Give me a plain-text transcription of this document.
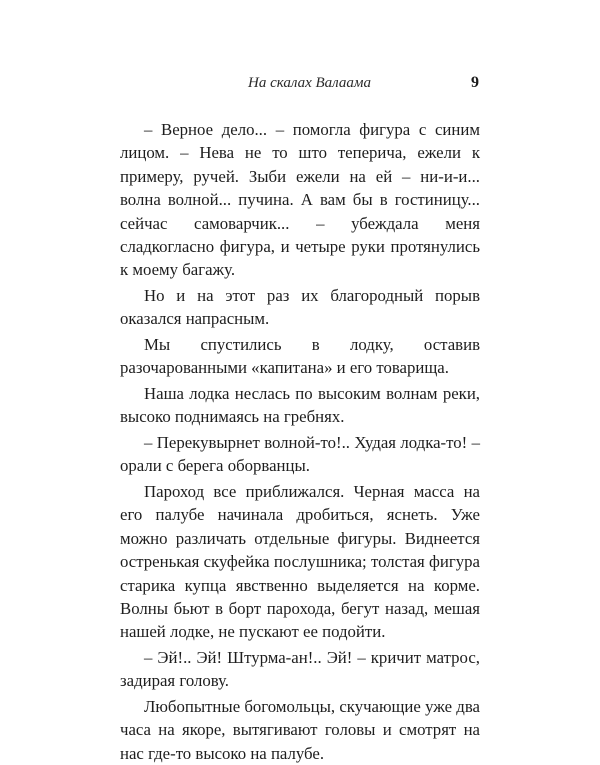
На скалах Валаама	9

– Верное дело... – помогла фигура с синим лицом. – Нева не то што теперича, ежели к примеру, ручей. Зыби ежели на ей – ни-и-и... волна волной... пучина. А вам бы в гостиницу... сейчас самоварчик... – убеждала меня сладкогласно фигура, и четыре руки протянулись к моему багажу.

Но и на этот раз их благородный порыв оказался напрасным.

Мы спустились в лодку, оставив разочарованными «капитана» и его товарища.

Наша лодка неслась по высоким волнам реки, высоко поднимаясь на гребнях.

– Перекувырнет волной-то!.. Худая лодка-то! – орали с берега оборванцы.

Пароход все приближался. Черная масса на его палубе начинала дробиться, яснеть. Уже можно различать отдельные фигуры. Виднеется остренькая скуфейка послушника; толстая фигура старика купца явственно выделяется на корме. Волны бьют в борт парохода, бегут назад, мешая нашей лодке, не пускают ее подойти.

– Эй!.. Эй! Штурма-ан!.. Эй! – кричит матрос, задирая голову.

Любопытные богомольцы, скучающие уже два часа на якоре, вытягивают головы и смотрят на нас где-то высоко на палубе.
